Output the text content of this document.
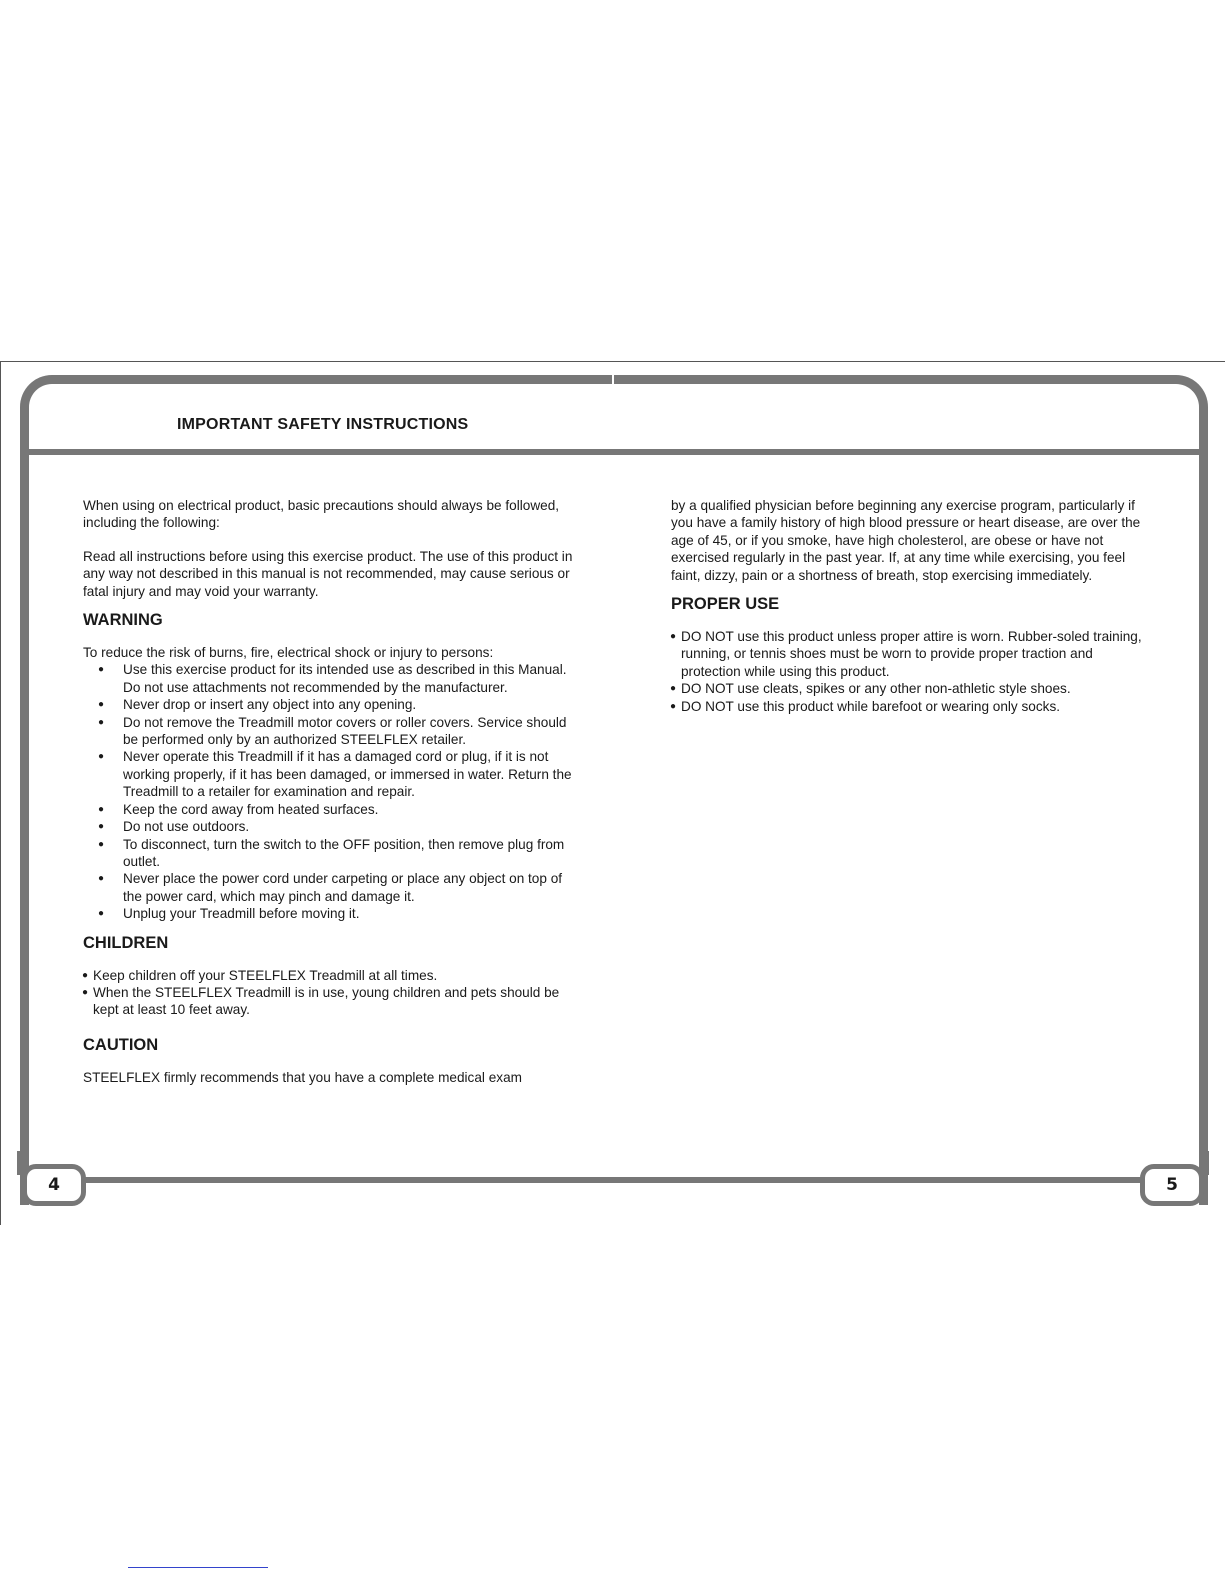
IMPORTANT SAFETY INSTRUCTIONS

When using on electrical product, basic precautions should always be followed, including the following:

Read all instructions before using this exercise product. The use of this product in any way not described in this manual is not recommended, may cause serious or fatal injury and may void your warranty.

WARNING

To reduce the risk of burns, fire, electrical shock or injury to persons:

● Use this exercise product for its intended use as described in this Manual. Do not use attachments not recommended by the manufacturer.
● Never drop or insert any object into any opening.
● Do not remove the Treadmill motor covers or roller covers. Service should be performed only by an authorized STEELFLEX retailer.
● Never operate this Treadmill if it has a damaged cord or plug, if it is not working properly, if it has been damaged, or immersed in water. Return the Treadmill to a retailer for examination and repair.
● Keep the cord away from heated surfaces.
● Do not use outdoors.
● To disconnect, turn the switch to the OFF position, then remove plug from outlet.
● Never place the power cord under carpeting or place any object on top of the power card, which may pinch and damage it.
● Unplug your Treadmill before moving it.
CHILDREN
● Keep children off your STEELFLEX Treadmill at all times.
● When the STEELFLEX Treadmill is in use, young children and pets should be kept at least 10 feet away.
CAUTION

STEELFLEX firmly recommends that you have a complete medical exam

by a qualified physician before beginning any exercise program, particularly if you have a family history of high blood pressure or heart disease, are over the age of 45, or if you smoke, have high cholesterol, are obese or have not exercised regularly in the past year. If, at any time while exercising, you feel faint, dizzy, pain or a shortness of breath, stop exercising immediately.

PROPER USE
● DO NOT use this product unless proper attire is worn. Rubber-soled training, running, or tennis shoes must be worn to provide proper traction and protection while using this product.
● DO NOT use cleats, spikes or any other non-athletic style shoes.
● DO NOT use this product while barefoot or wearing only socks.
4	5
